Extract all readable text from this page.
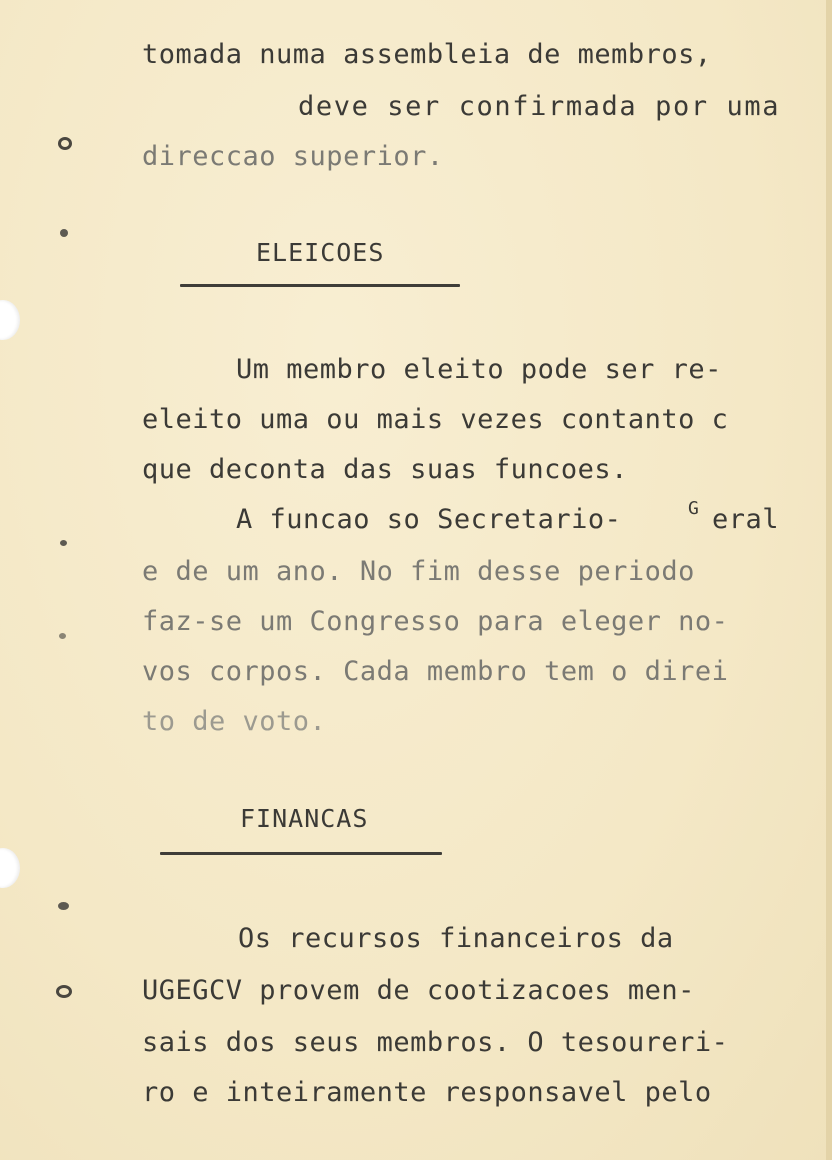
tomada numa assembleia de membros,
deve ser confirmada por uma
direccao superior.
ELEICOES
Um membro eleito pode ser re-
eleito uma ou mais vezes contanto c
que deconta das suas funcoes.
A funcao so Secretario-	G eral
e de um ano. No fim desse periodo
faz-se um Congresso para eleger no-
vos corpos. Cada membro tem o direi
to de voto.
FINANCAS
Os recursos financeiros da
UGEGCV provem de cootizacoes men-
sais dos seus membros. O tesoureri-
ro e inteiramente responsavel pelo
